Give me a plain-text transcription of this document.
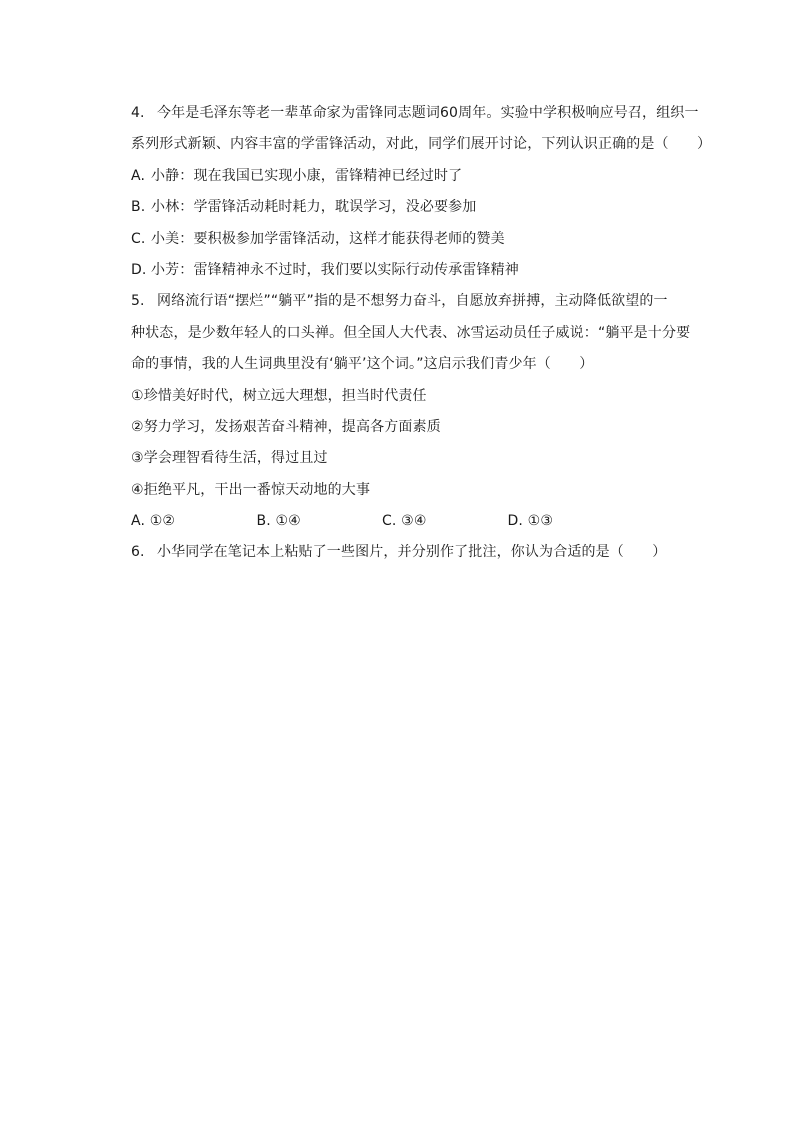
4. 今年是毛泽东等老一辈革命家为雷锋同志题词60周年。实验中学积极响应号召，组织一
系列形式新颖、内容丰富的学雷锋活动，对此，同学们展开讨论，下列认识正确的是（　　）
A. 小静：现在我国已实现小康，雷锋精神已经过时了
B. 小林：学雷锋活动耗时耗力，耽误学习，没必要参加
C. 小美：要积极参加学雷锋活动，这样才能获得老师的赞美
D. 小芳：雷锋精神永不过时，我们要以实际行动传承雷锋精神
5. 网络流行语“摆烂”“躺平”指的是不想努力奋斗，自愿放弃拼搏，主动降低欲望的一
种状态，是少数年轻人的口头禅。但全国人大代表、冰雪运动员任子威说：“躺平是十分要
命的事情，我的人生词典里没有‘躺平’这个词。”这启示我们青少年（　　）
①珍惜美好时代，树立远大理想，担当时代责任
②努力学习，发扬艰苦奋斗精神，提高各方面素质
③学会理智看待生活，得过且过
④拒绝平凡，干出一番惊天动地的大事
A. ①②	B. ①④	C. ③④	D. ①③
6. 小华同学在笔记本上粘贴了一些图片，并分别作了批注，你认为合适的是（　　）
